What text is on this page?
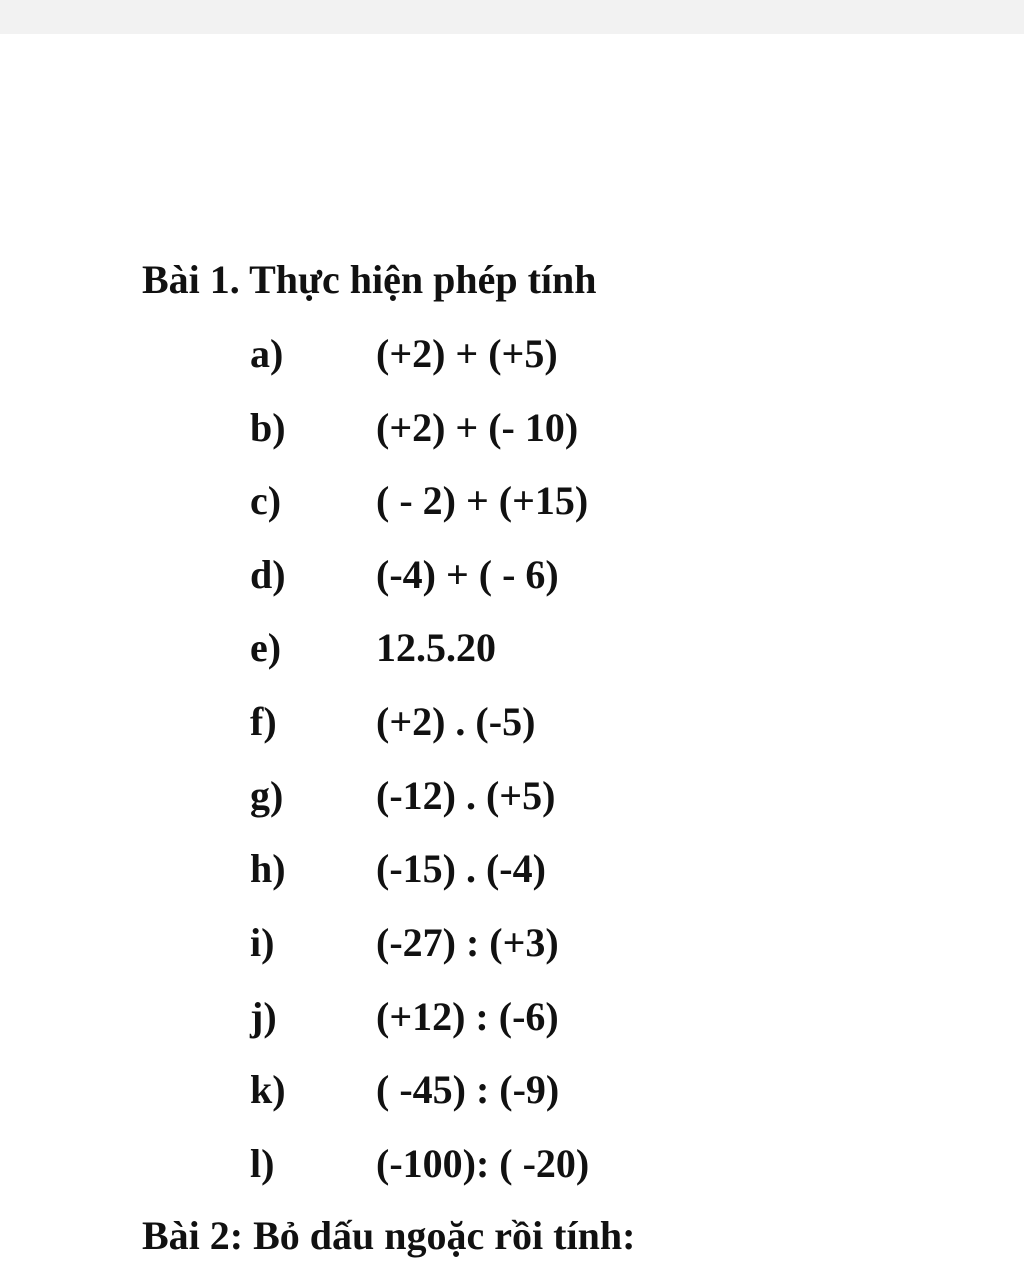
Bài 1. Thực hiện phép tính
a) (+2) + (+5)
b) (+2) + (- 10)
c) ( - 2) + (+15)
d) (-4) + ( - 6)
e) 12.5.20
f) (+2) . (-5)
g) (-12) . (+5)
h) (-15) . (-4)
i)	(-27) : (+3)
j) (+12) : (-6)
k) ( -45) : (-9)
l)	(-100): ( -20)
Bài 2: Bỏ dấu ngoặc rồi tính:
